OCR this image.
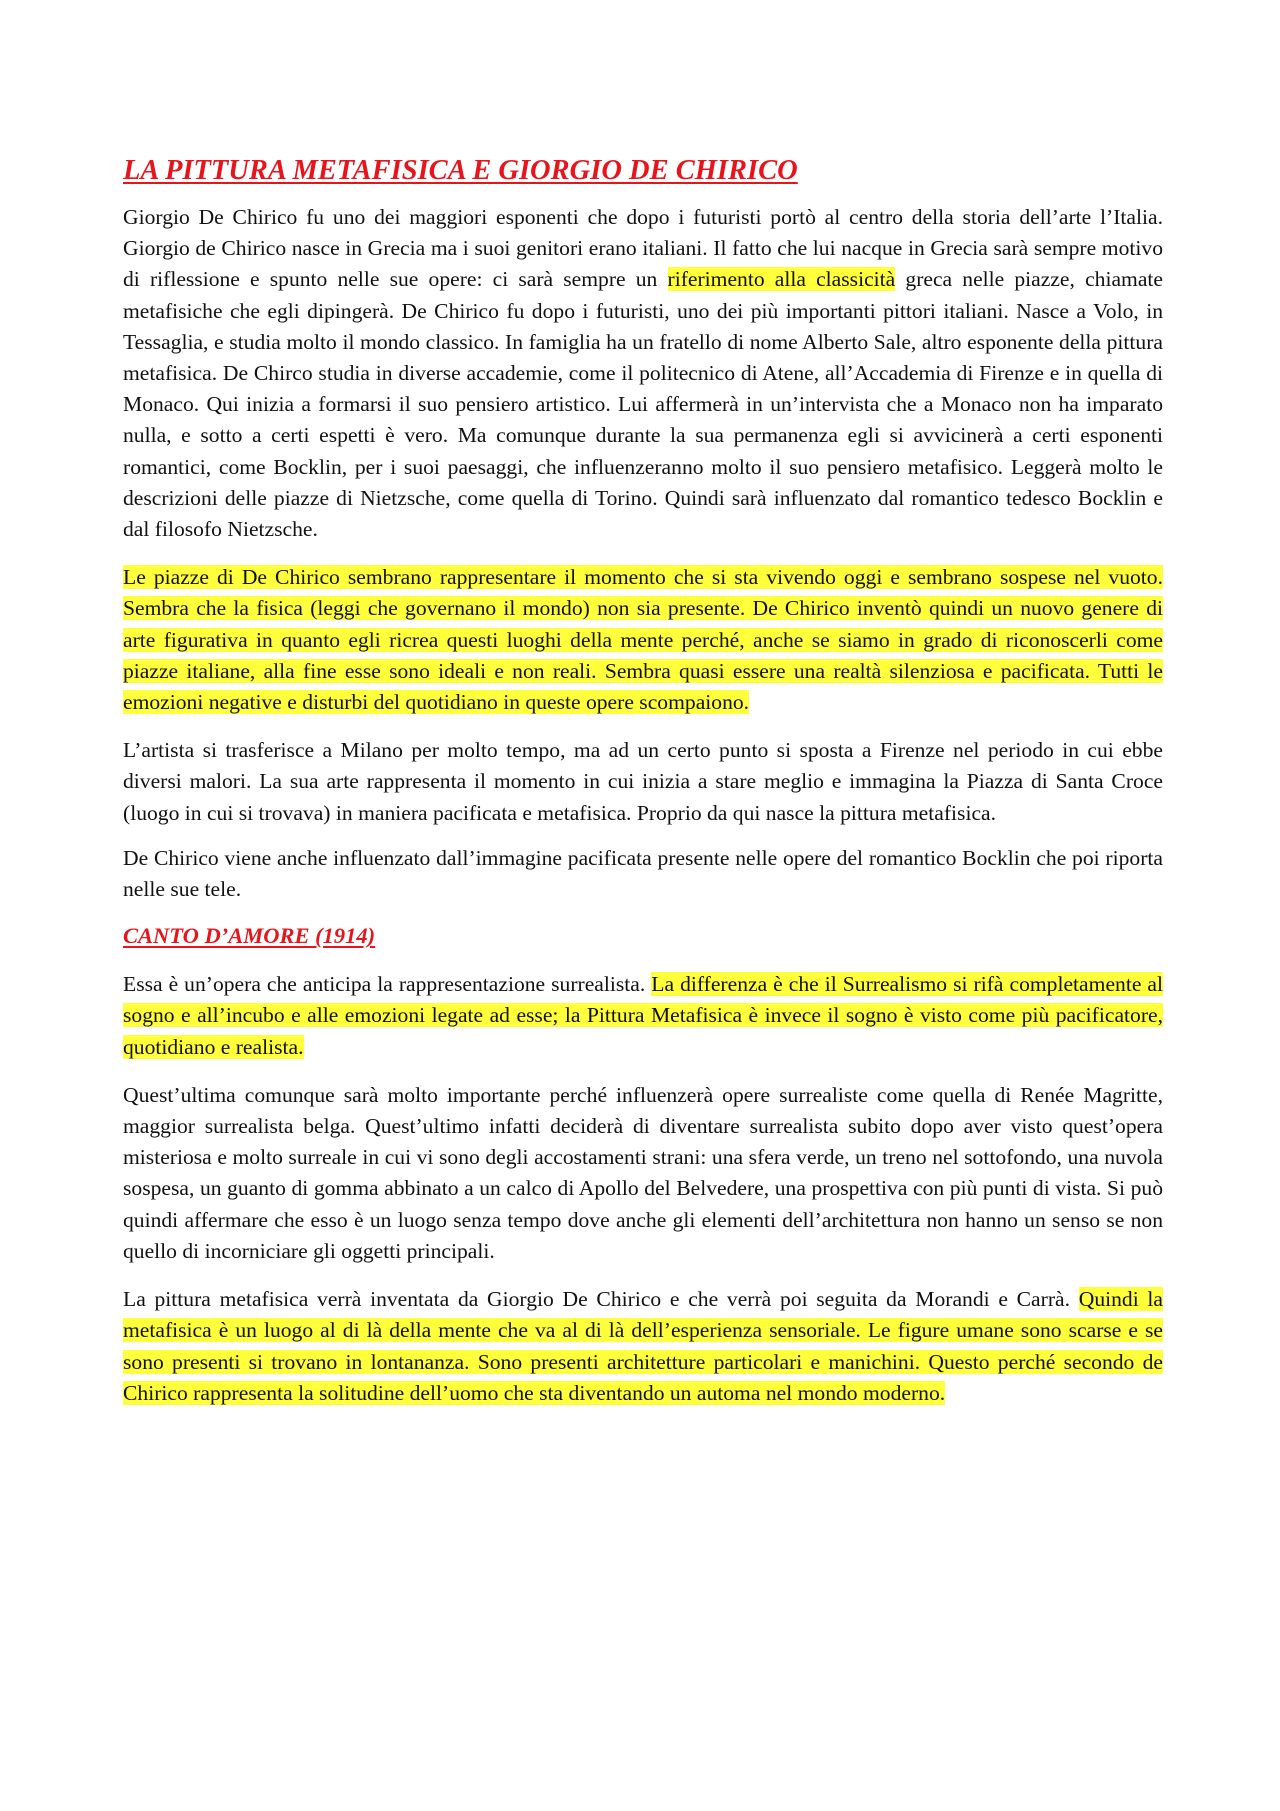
LA PITTURA METAFISICA E GIORGIO DE CHIRICO

Giorgio De Chirico fu uno dei maggiori esponenti che dopo i futuristi portò al centro della storia dell’arte l’Italia. Giorgio de Chirico nasce in Grecia ma i suoi genitori erano italiani. Il fatto che lui nacque in Grecia sarà sempre motivo di riflessione e spunto nelle sue opere: ci sarà sempre un riferimento alla classicità greca nelle piazze, chiamate metafisiche che egli dipingerà. De Chirico fu dopo i futuristi, uno dei più importanti pittori italiani. Nasce a Volo, in Tessaglia, e studia molto il mondo classico. In famiglia ha un fratello di nome Alberto Sale, altro esponente della pittura metafisica. De Chirco studia in diverse accademie, come il politecnico di Atene, all’Accademia di Firenze e in quella di Monaco. Qui inizia a formarsi il suo pensiero artistico. Lui affermerà in un’intervista che a Monaco non ha imparato nulla, e sotto a certi espetti è vero. Ma comunque durante la sua permanenza egli si avvicinerà a certi esponenti romantici, come Bocklin, per i suoi paesaggi, che influenzeranno molto il suo pensiero metafisico. Leggerà molto le descrizioni delle piazze di Nietzsche, come quella di Torino. Quindi sarà influenzato dal romantico tedesco Bocklin e dal filosofo Nietzsche.

Le piazze di De Chirico sembrano rappresentare il momento che si sta vivendo oggi e sembrano sospese nel vuoto. Sembra che la fisica (leggi che governano il mondo) non sia presente. De Chirico inventò quindi un nuovo genere di arte figurativa in quanto egli ricrea questi luoghi della mente perché, anche se siamo in grado di riconoscerli come piazze italiane, alla fine esse sono ideali e non reali. Sembra quasi essere una realtà silenziosa e pacificata. Tutti le emozioni negative e disturbi del quotidiano in queste opere scompaiono.

L’artista si trasferisce a Milano per molto tempo, ma ad un certo punto si sposta a Firenze nel periodo in cui ebbe diversi malori. La sua arte rappresenta il momento in cui inizia a stare meglio e immagina la Piazza di Santa Croce (luogo in cui si trovava) in maniera pacificata e metafisica. Proprio da qui nasce la pittura metafisica.

De Chirico viene anche influenzato dall’immagine pacificata presente nelle opere del romantico Bocklin che poi riporta nelle sue tele.

CANTO D’AMORE (1914)

Essa è un’opera che anticipa la rappresentazione surrealista. La differenza è che il Surrealismo si rifà completamente al sogno e all’incubo e alle emozioni legate ad esse; la Pittura Metafisica è invece il sogno è visto come più pacificatore, quotidiano e realista.

Quest’ultima comunque sarà molto importante perché influenzerà opere surrealiste come quella di Renée Magritte, maggior surrealista belga. Quest’ultimo infatti deciderà di diventare surrealista subito dopo aver visto quest’opera misteriosa e molto surreale in cui vi sono degli accostamenti strani: una sfera verde, un treno nel sottofondo, una nuvola sospesa, un guanto di gomma abbinato a un calco di Apollo del Belvedere, una prospettiva con più punti di vista. Si può quindi affermare che esso è un luogo senza tempo dove anche gli elementi dell’architettura non hanno un senso se non quello di incorniciare gli oggetti principali.

La pittura metafisica verrà inventata da Giorgio De Chirico e che verrà poi seguita da Morandi e Carrà. Quindi la metafisica è un luogo al di là della mente che va al di là dell’esperienza sensoriale. Le figure umane sono scarse e se sono presenti si trovano in lontananza. Sono presenti architetture particolari e manichini. Questo perché secondo de Chirico rappresenta la solitudine dell’uomo che sta diventando un automa nel mondo moderno.
